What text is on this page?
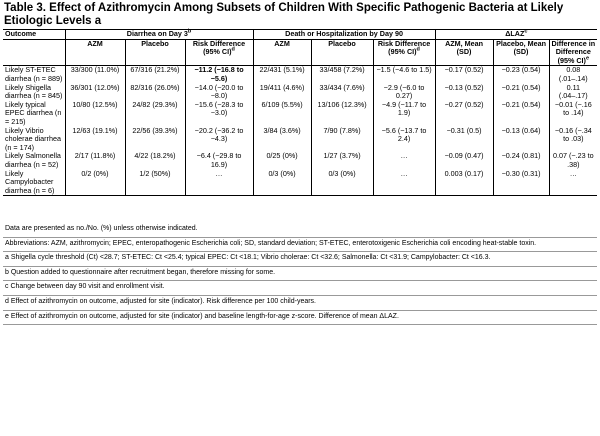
Table 3. Effect of Azithromycin Among Subsets of Children With Specific Pathogenic Bacteria at Likely Etiologic Levels a
Outcome	Diarrhea on Day 3$^b$			Death or Hospitalization by Day 90			ΔLAZ$^c$
	AZM	Placebo	Risk Difference (95% CI)$^d$	AZM	Placebo	Risk Difference (95% CI)$^d$	AZM, Mean (SD)	Placebo, Mean (SD)	Difference in Difference (95% CI)$^e$
Likely ST-ETEC diarrhea (n = 889)	33/300 (11.0%)	67/316 (21.2%)	−11.2 (−16.8 to −5.6)	22/431 (5.1%)	33/458 (7.2%)	−1.5 (−4.6 to 1.5)	−0.17 (0.52)	−0.23 (0.54)	0.08 (.01–.14)
Likely Shigella diarrhea (n = 845)	36/301 (12.0%)	82/316 (26.0%)	−14.0 (−20.0 to −8.0)	19/411 (4.6%)	33/434 (7.6%)	−2.9 (−6.0 to 0.27)	−0.13 (0.52)	−0.21 (0.54)	0.11 (.04–.17)
Likely typical EPEC diarrhea (n = 215)	10/80 (12.5%)	24/82 (29.3%)	−15.6 (−28.3 to −3.0)	6/109 (5.5%)	13/106 (12.3%)	−4.9 (−11.7 to 1.9)	−0.27 (0.52)	−0.21 (0.54)	−0.01 (−.16 to .14)
Likely Vibrio cholerae diarrhea (n = 174)	12/63 (19.1%)	22/56 (39.3%)	−20.2 (−36.2 to −4.3)	3/84 (3.6%)	7/90 (7.8%)	−5.6 (−13.7 to 2.4)	−0.31 (0.5)	−0.13 (0.64)	−0.16 (−.34 to .03)
Likely Salmonella diarrhea (n = 52)	2/17 (11.8%)	4/22 (18.2%)	−6.4 (−29.8 to 16.9)	0/25 (0%)	1/27 (3.7%)	…	−0.09 (0.47)	−0.24 (0.81)	0.07 (−.23 to .38)
Likely Campylobacter diarrhea (n = 6)	0/2 (0%)	1/2 (50%)	…	0/3 (0%)	0/3 (0%)	…	0.003 (0.17)	−0.30 (0.31)	…
Data are presented as no./No. (%) unless otherwise indicated.
Abbreviations: AZM, azithromycin; EPEC, enteropathogenic Escherichia coli; SD, standard deviation; ST-ETEC, enterotoxigenic Escherichia coli encoding heat-stable toxin.
a Shigella cycle threshold (Ct) <28.7; ST-ETEC: Ct <25.4; typical EPEC: Ct <18.1; Vibrio cholerae: Ct <32.6; Salmonella: Ct <31.9; Campylobacter: Ct <16.3.
b Question added to questionnaire after recruitment began, therefore missing for some.
c Change between day 90 visit and enrollment visit.
d Effect of azithromycin on outcome, adjusted for site (indicator). Risk difference per 100 child-years.
e Effect of azithromycin on outcome, adjusted for site (indicator) and baseline length-for-age z-score. Difference of mean ΔLAZ.
